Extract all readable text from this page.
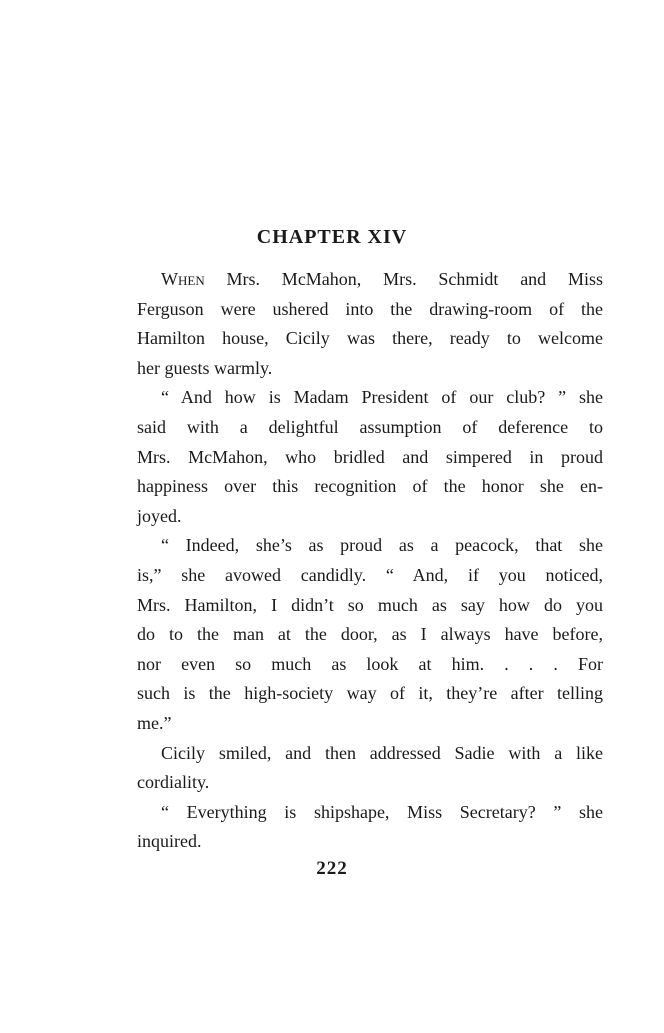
CHAPTER XIV
When Mrs. McMahon, Mrs. Schmidt and Miss
Ferguson were ushered into the drawing-room of the
Hamilton house, Cicily was there, ready to welcome
her guests warmly.
“ And how is Madam President of our club? ” she
said with a delightful assumption of deference to
Mrs. McMahon, who bridled and simpered in proud
happiness over this recognition of the honor she en-
joyed.
“ Indeed, she’s as proud as a peacock, that she
is,” she avowed candidly. “ And, if you noticed,
Mrs. Hamilton, I didn’t so much as say how do you
do to the man at the door, as I always have before,
nor even so much as look at him. . . . For
such is the high-society way of it, they’re after telling
me.”
Cicily smiled, and then addressed Sadie with a like
cordiality.
“ Everything is shipshape, Miss Secretary? ” she
inquired.
222
